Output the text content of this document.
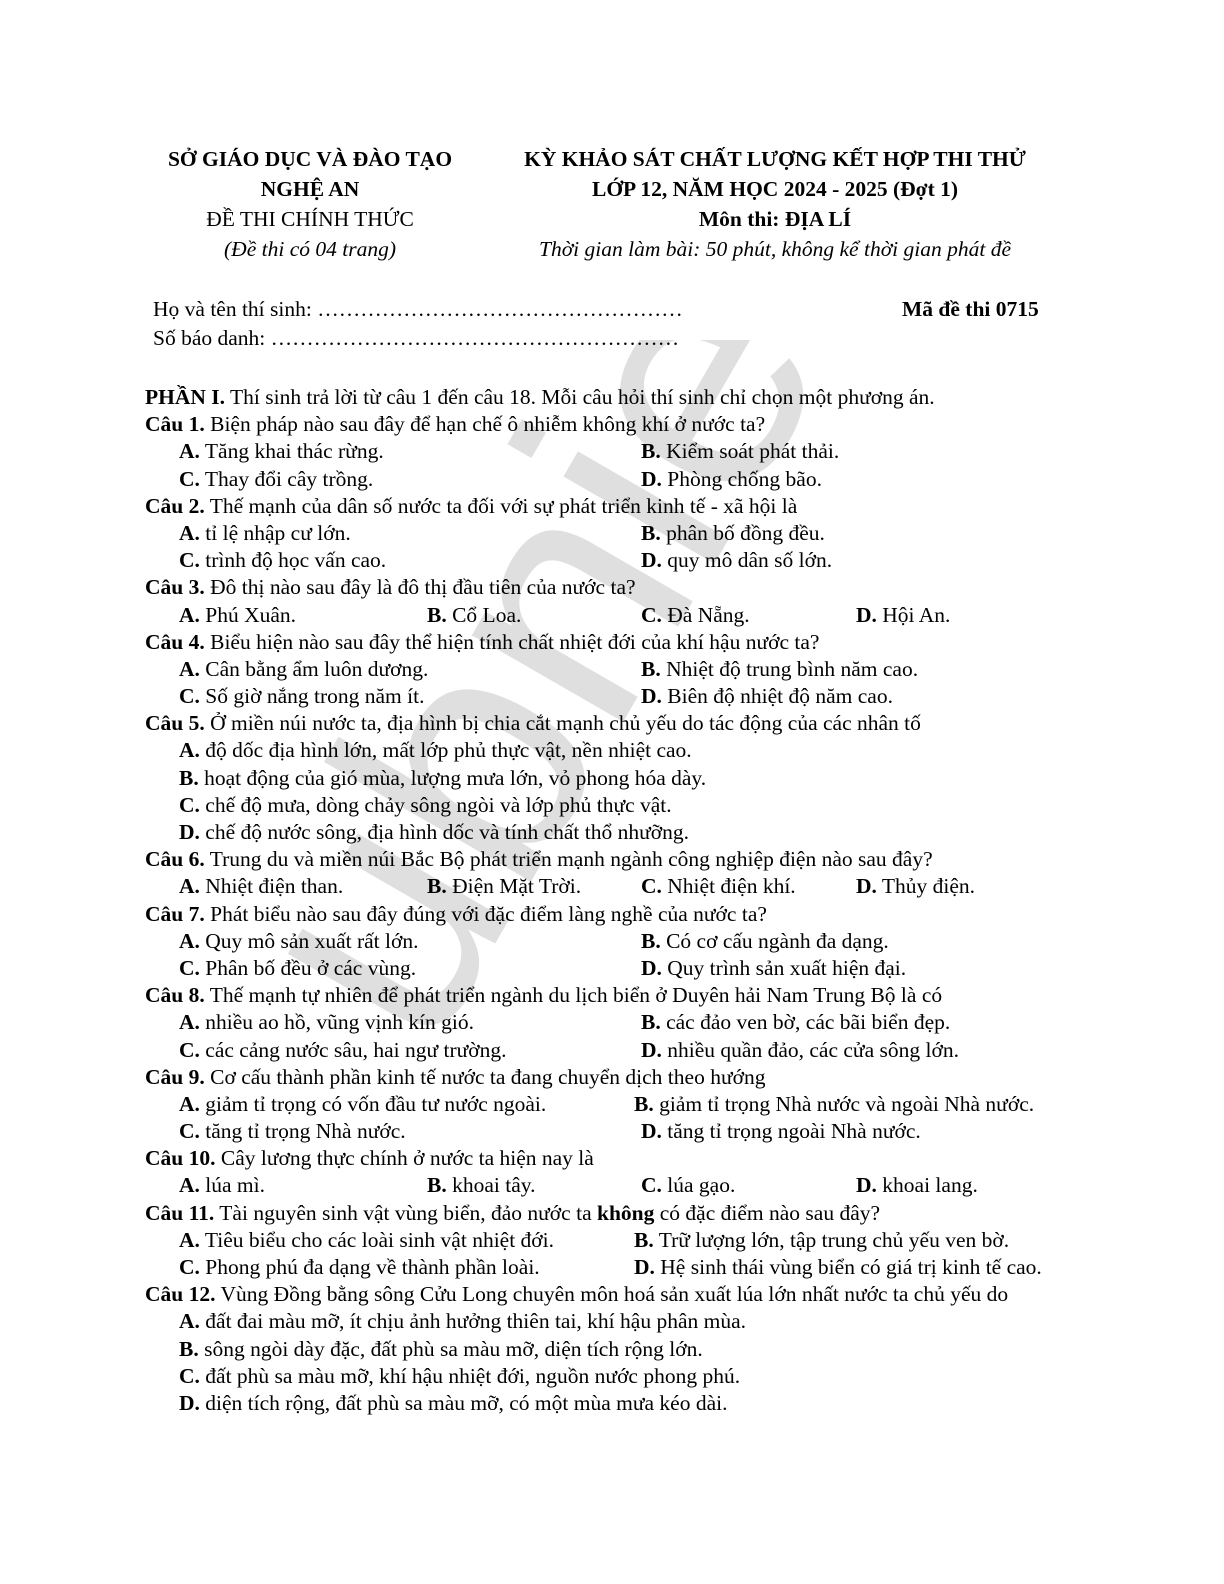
ubnie
SỞ GIÁO DỤC VÀ ĐÀO TẠO
NGHỆ AN
ĐỀ THI CHÍNH THỨC
(Đề thi có 04 trang)
KỲ KHẢO SÁT CHẤT LƯỢNG KẾT HỢP THI THỬ
LỚP 12, NĂM HỌC 2024 - 2025 (Đợt 1)
Môn thi: ĐỊA LÍ
Thời gian làm bài: 50 phút, không kể thời gian phát đề
Họ và tên thí sinh: ……………………………………………
Số báo danh: …………………………………………………
Mã đề thi 0715
PHẦN I. Thí sinh trả lời từ câu 1 đến câu 18. Mỗi câu hỏi thí sinh chỉ chọn một phương án.
Câu 1. Biện pháp nào sau đây để hạn chế ô nhiễm không khí ở nước ta?
A. Tăng khai thác rừng.	B. Kiểm soát phát thải.
C. Thay đổi cây trồng.	D. Phòng chống bão.
Câu 2. Thế mạnh của dân số nước ta đối với sự phát triển kinh tế - xã hội là
A. tỉ lệ nhập cư lớn.	B. phân bố đồng đều.
C. trình độ học vấn cao.	D. quy mô dân số lớn.
Câu 3. Đô thị nào sau đây là đô thị đầu tiên của nước ta?
A. Phú Xuân.	B. Cổ Loa.	C. Đà Nẵng.	D. Hội An.
Câu 4. Biểu hiện nào sau đây thể hiện tính chất nhiệt đới của khí hậu nước ta?
A. Cân bằng ẩm luôn dương.	B. Nhiệt độ trung bình năm cao.
C. Số giờ nắng trong năm ít.	D. Biên độ nhiệt độ năm cao.
Câu 5. Ở miền núi nước ta, địa hình bị chia cắt mạnh chủ yếu do tác động của các nhân tố
A. độ dốc địa hình lớn, mất lớp phủ thực vật, nền nhiệt cao.
B. hoạt động của gió mùa, lượng mưa lớn, vỏ phong hóa dày.
C. chế độ mưa, dòng chảy sông ngòi và lớp phủ thực vật.
D. chế độ nước sông, địa hình dốc và tính chất thổ nhưỡng.
Câu 6. Trung du và miền núi Bắc Bộ phát triển mạnh ngành công nghiệp điện nào sau đây?
A. Nhiệt điện than.	B. Điện Mặt Trời.	C. Nhiệt điện khí.	D. Thủy điện.
Câu 7. Phát biểu nào sau đây đúng với đặc điểm làng nghề của nước ta?
A. Quy mô sản xuất rất lớn.	B. Có cơ cấu ngành đa dạng.
C. Phân bố đều ở các vùng.	D. Quy trình sản xuất hiện đại.
Câu 8. Thế mạnh tự nhiên để phát triển ngành du lịch biển ở Duyên hải Nam Trung Bộ là có
A. nhiều ao hồ, vũng vịnh kín gió.	B. các đảo ven bờ, các bãi biển đẹp.
C. các cảng nước sâu, hai ngư trường.	D. nhiều quần đảo, các cửa sông lớn.
Câu 9. Cơ cấu thành phần kinh tế nước ta đang chuyển dịch theo hướng
A. giảm tỉ trọng có vốn đầu tư nước ngoài.	B. giảm tỉ trọng Nhà nước và ngoài Nhà nước.
C. tăng tỉ trọng Nhà nước.	D. tăng tỉ trọng ngoài Nhà nước.
Câu 10. Cây lương thực chính ở nước ta hiện nay là
A. lúa mì.	B. khoai tây.	C. lúa gạo.	D. khoai lang.
Câu 11. Tài nguyên sinh vật vùng biển, đảo nước ta không có đặc điểm nào sau đây?
A. Tiêu biểu cho các loài sinh vật nhiệt đới.	B. Trữ lượng lớn, tập trung chủ yếu ven bờ.
C. Phong phú đa dạng về thành phần loài.	D. Hệ sinh thái vùng biển có giá trị kinh tế cao.
Câu 12. Vùng Đồng bằng sông Cửu Long chuyên môn hoá sản xuất lúa lớn nhất nước ta chủ yếu do
A. đất đai màu mỡ, ít chịu ảnh hưởng thiên tai, khí hậu phân mùa.
B. sông ngòi dày đặc, đất phù sa màu mỡ, diện tích rộng lớn.
C. đất phù sa màu mỡ, khí hậu nhiệt đới, nguồn nước phong phú.
D. diện tích rộng, đất phù sa màu mỡ, có một mùa mưa kéo dài.
